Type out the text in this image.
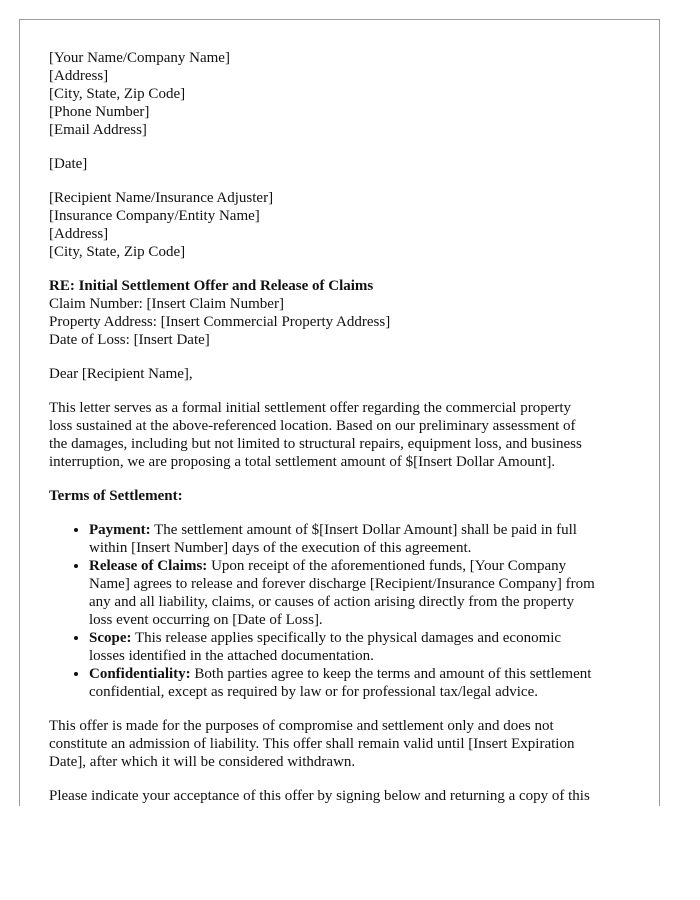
[Your Name/Company Name]
[Address]
[City, State, Zip Code]
[Phone Number]
[Email Address]
[Date]
[Recipient Name/Insurance Adjuster]
[Insurance Company/Entity Name]
[Address]
[City, State, Zip Code]
RE: Initial Settlement Offer and Release of Claims
Claim Number: [Insert Claim Number]
Property Address: [Insert Commercial Property Address]
Date of Loss: [Insert Date]
Dear [Recipient Name],
This letter serves as a formal initial settlement offer regarding the commercial property
loss sustained at the above-referenced location. Based on our preliminary assessment of
the damages, including but not limited to structural repairs, equipment loss, and business
interruption, we are proposing a total settlement amount of $[Insert Dollar Amount].
Terms of Settlement:
• Payment: The settlement amount of $[Insert Dollar Amount] shall be paid in full
within [Insert Number] days of the execution of this agreement.
• Release of Claims: Upon receipt of the aforementioned funds, [Your Company
Name] agrees to release and forever discharge [Recipient/Insurance Company] from
any and all liability, claims, or causes of action arising directly from the property
loss event occurring on [Date of Loss].
• Scope: This release applies specifically to the physical damages and economic
losses identified in the attached documentation.
• Confidentiality: Both parties agree to keep the terms and amount of this settlement
confidential, except as required by law or for professional tax/legal advice.
This offer is made for the purposes of compromise and settlement only and does not
constitute an admission of liability. This offer shall remain valid until [Insert Expiration
Date], after which it will be considered withdrawn.
Please indicate your acceptance of this offer by signing below and returning a copy of this
